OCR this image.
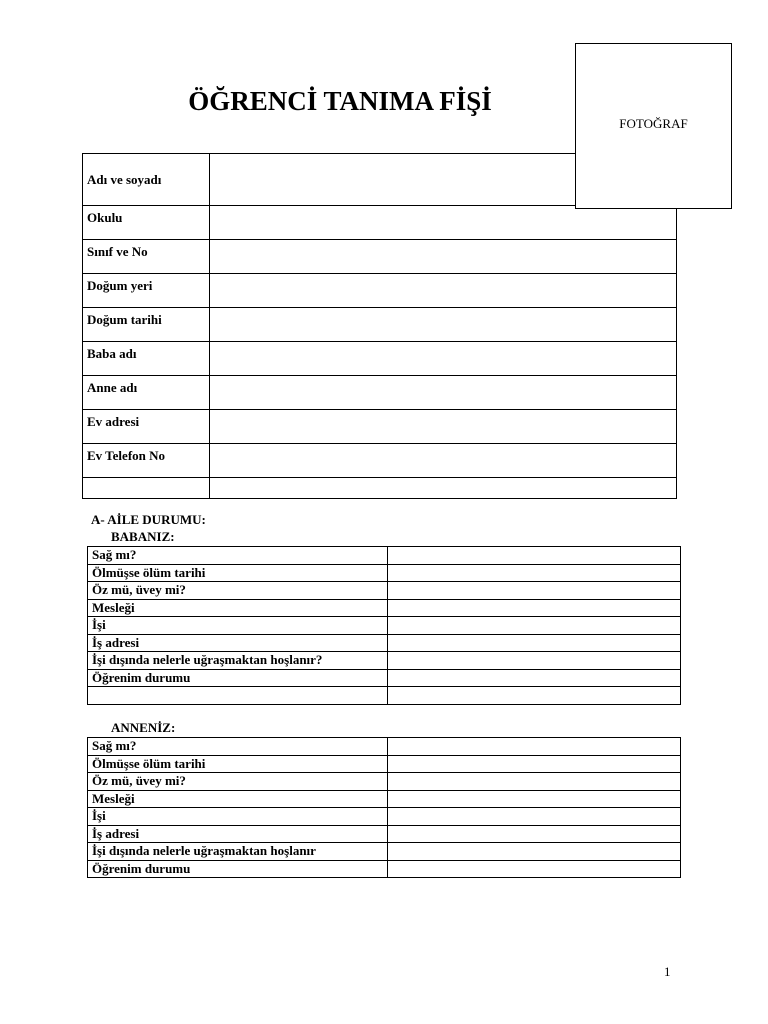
ÖĞRENCİ TANIMA FİŞİ
FOTOĞRAF
Adı ve soyadı	
Okulu	
Sınıf ve No	
Doğum yeri	
Doğum tarihi	
Baba adı	
Anne adı	
Ev adresi	
Ev Telefon No	

A- AİLE DURUMU:

BABANIZ:

Sağ mı?	
Ölmüşse ölüm tarihi	
Öz mü, üvey mi?	
Mesleği	
İşi	
İş adresi	
İşi dışında nelerle uğraşmaktan hoşlanır?	
Öğrenim durumu	

ANNENİZ:

Sağ mı?	
Ölmüşse ölüm tarihi	
Öz mü, üvey mi?	
Mesleği	
İşi	
İş adresi	
İşi dışında nelerle uğraşmaktan hoşlanır	
Öğrenim durumu	
1
